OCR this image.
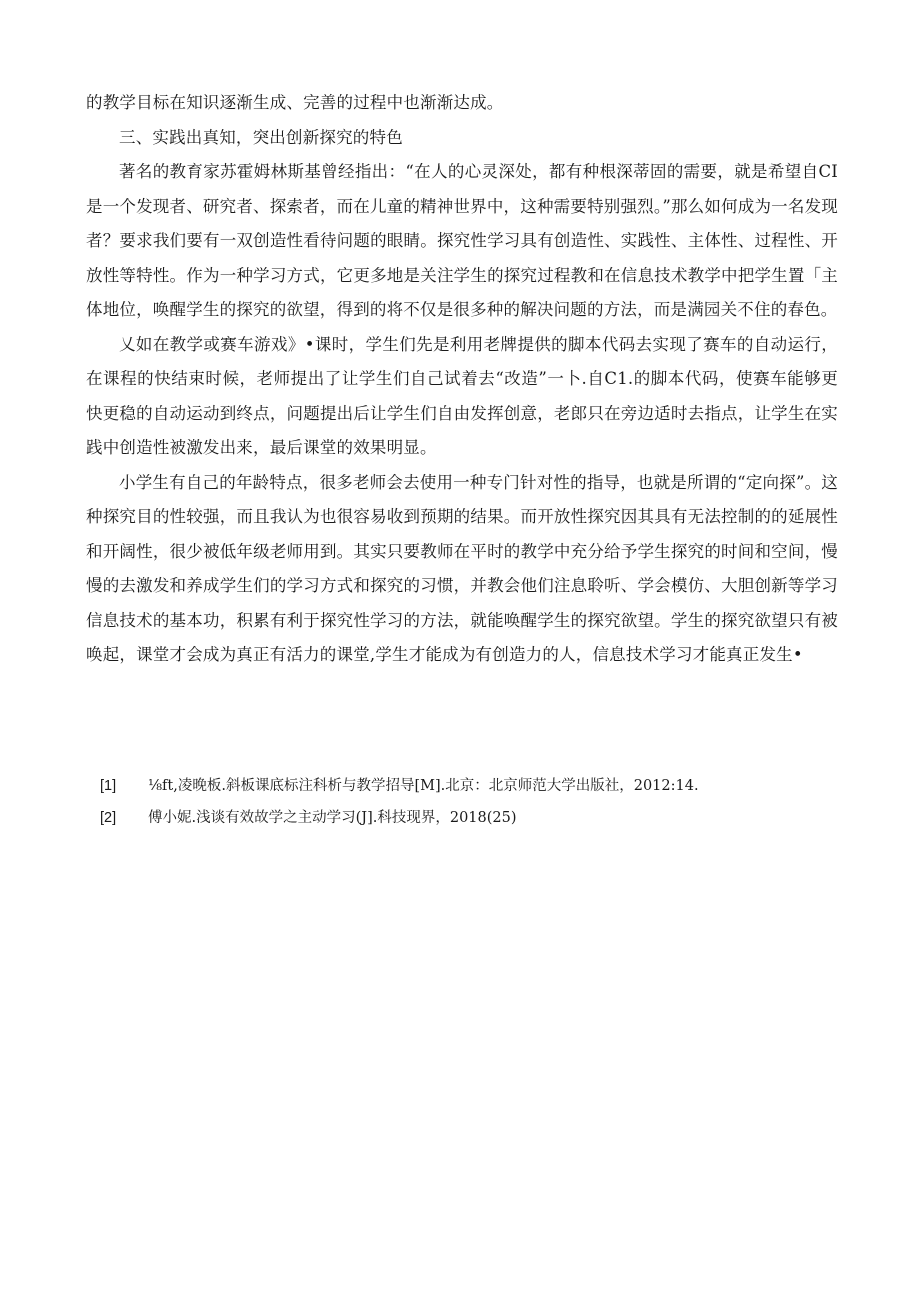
的教学目标在知识逐渐生成、完善的过程中也渐渐达成。

三、实践出真知，突出创新探究的特色

著名的教育家苏霍姆林斯基曾经指出：“在人的心灵深处，都有种根深蒂固的需要，就是希望自CI是一个发现者、研究者、探索者，而在儿童的精神世界中，这种需要特别强烈。”那么如何成为一名发现者？要求我们要有一双创造性看待问题的眼睛。探究性学习具有创造性、实践性、主体性、过程性、开放性等特性。作为一种学习方式，它更多地是关注学生的探究过程教和在信息技术教学中把学生置「主体地位，唤醒学生的探究的欲望，得到的将不仅是很多种的解决问题的方法，而是满园关不住的春色。

乂如在教学或赛车游戏》•课时，学生们先是利用老牌提供的脚本代码去实现了赛车的自动运行，在课程的快结束时候，老师提出了让学生们自己试着去“改造”一卜.自C1.的脚本代码，使赛车能够更快更稳的自动运动到终点，问题提出后让学生们自由发挥创意，老郎只在旁边适时去指点，让学生在实践中创造性被激发出来，最后课堂的效果明显。

小学生有自己的年龄特点，很多老师会去使用一种专门针对性的指导，也就是所谓的“定向探”。这种探究目的性较强，而且我认为也很容易收到预期的结果。而开放性探究因其具有无法控制的的延展性和开阔性，很少被低年级老师用到。其实只要教师在平时的教学中充分给予学生探究的时间和空间，慢慢的去激发和养成学生们的学习方式和探究的习惯，并教会他们注息聆听、学会模仿、大胆创新等学习信息技术的基本功，积累有利于探究性学习的方法，就能唤醒学生的探究欲望。学生的探究欲望只有被唤起，课堂才会成为真正有活力的课堂,学生才能成为有创造力的人，信息技术学习才能真正发生•

[1]	⅛ft,凌晚板.斜板课底标注科析与教学招导[M].北京：北京师范大学出版社，2012:14.
[2]	傅小妮.浅谈有效故学之主动学习(J].科技现界，2018(25)
